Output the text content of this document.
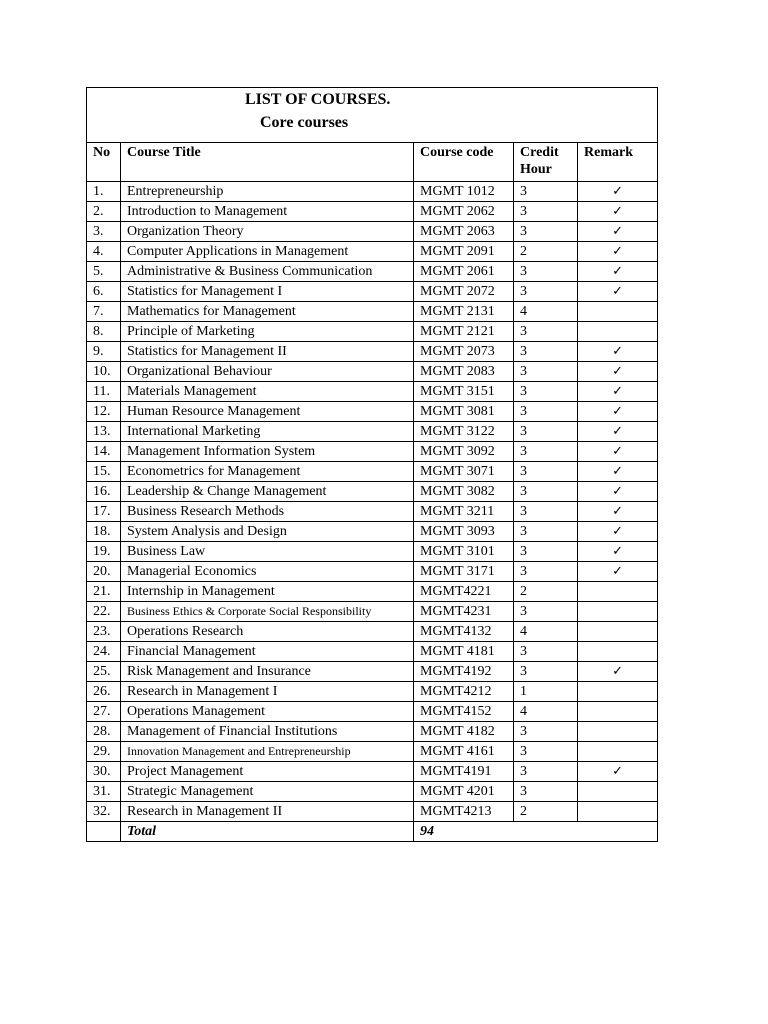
LIST OF COURSES.
Core courses				

No	Course Title	Course code	Credit Hour	Remark
1.	Entrepreneurship	MGMT 1012	3	✓
2.	Introduction to Management	MGMT 2062	3	✓
3.	Organization Theory	MGMT 2063	3	✓
4.	Computer Applications in Management	MGMT 2091	2	✓
5.	Administrative & Business Communication	MGMT 2061	3	✓
6.	Statistics for Management I	MGMT 2072	3	✓
7.	Mathematics for Management	MGMT 2131	4	
8.	Principle of Marketing	MGMT 2121	3	
9.	Statistics for Management II	MGMT 2073	3	✓
10.	Organizational Behaviour	MGMT 2083	3	✓
11.	Materials Management	MGMT 3151	3	✓
12.	Human Resource Management	MGMT 3081	3	✓
13.	International Marketing	MGMT 3122	3	✓
14.	Management Information System	MGMT 3092	3	✓
15.	Econometrics for Management	MGMT 3071	3	✓
16.	Leadership & Change Management	MGMT 3082	3	✓
17.	Business Research Methods	MGMT 3211	3	✓
18.	System Analysis and Design	MGMT 3093	3	✓
19.	Business Law	MGMT 3101	3	✓
20.	Managerial Economics	MGMT 3171	3	✓
21.	Internship in Management	MGMT4221	2	
22.	Business Ethics & Corporate Social Responsibility	MGMT4231	3	
23.	Operations Research	MGMT4132	4	
24.	Financial Management	MGMT 4181	3	
25.	Risk Management and Insurance	MGMT4192	3	✓
26.	Research in Management I	MGMT4212	1	
27.	Operations Management	MGMT4152	4	
28.	Management of Financial Institutions	MGMT 4182	3	
29.	Innovation Management and Entrepreneurship	MGMT 4161	3	
30.	Project Management	MGMT4191	3	✓
31.	Strategic Management	MGMT 4201	3	
32.	Research in Management II	MGMT4213	2	
	Total	94		
